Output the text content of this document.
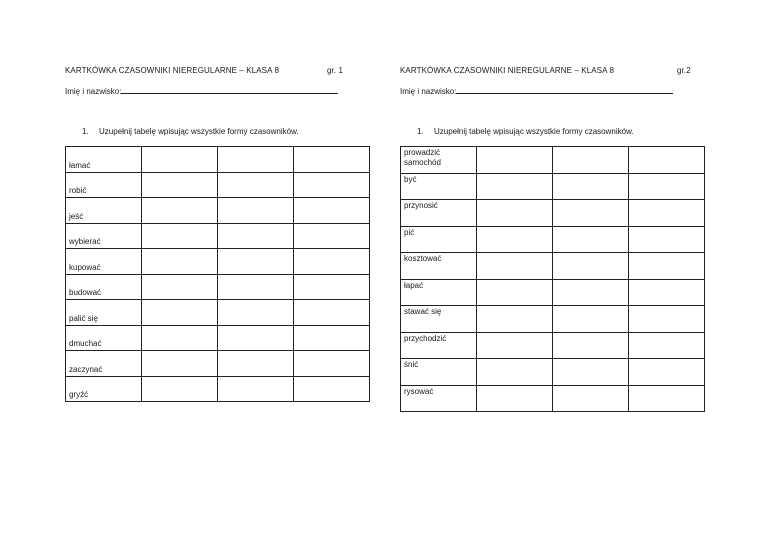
KARTKÓWKA CZASOWNIKI NIEREGULARNE – KLASA 8	gr. 1
Imię i nazwisko:
1. Uzupełnij tabelę wpisując wszystkie formy czasowników.
łamać			
robić			
jeść			
wybierać			
kupować			
budować			
palić się			
dmuchać			
zaczynać			
gryźć			
KARTKÓWKA CZASOWNIKI NIEREGULARNE – KLASA 8	gr.2
Imię i nazwisko:
1. Uzupełnij tabelę wpisując wszystkie formy czasowników.
prowadzić samochód			
być			
przynosić			
pić			
kosztować			
łapać			
stawać się			
przychodzić			
śnić			
rysować			
